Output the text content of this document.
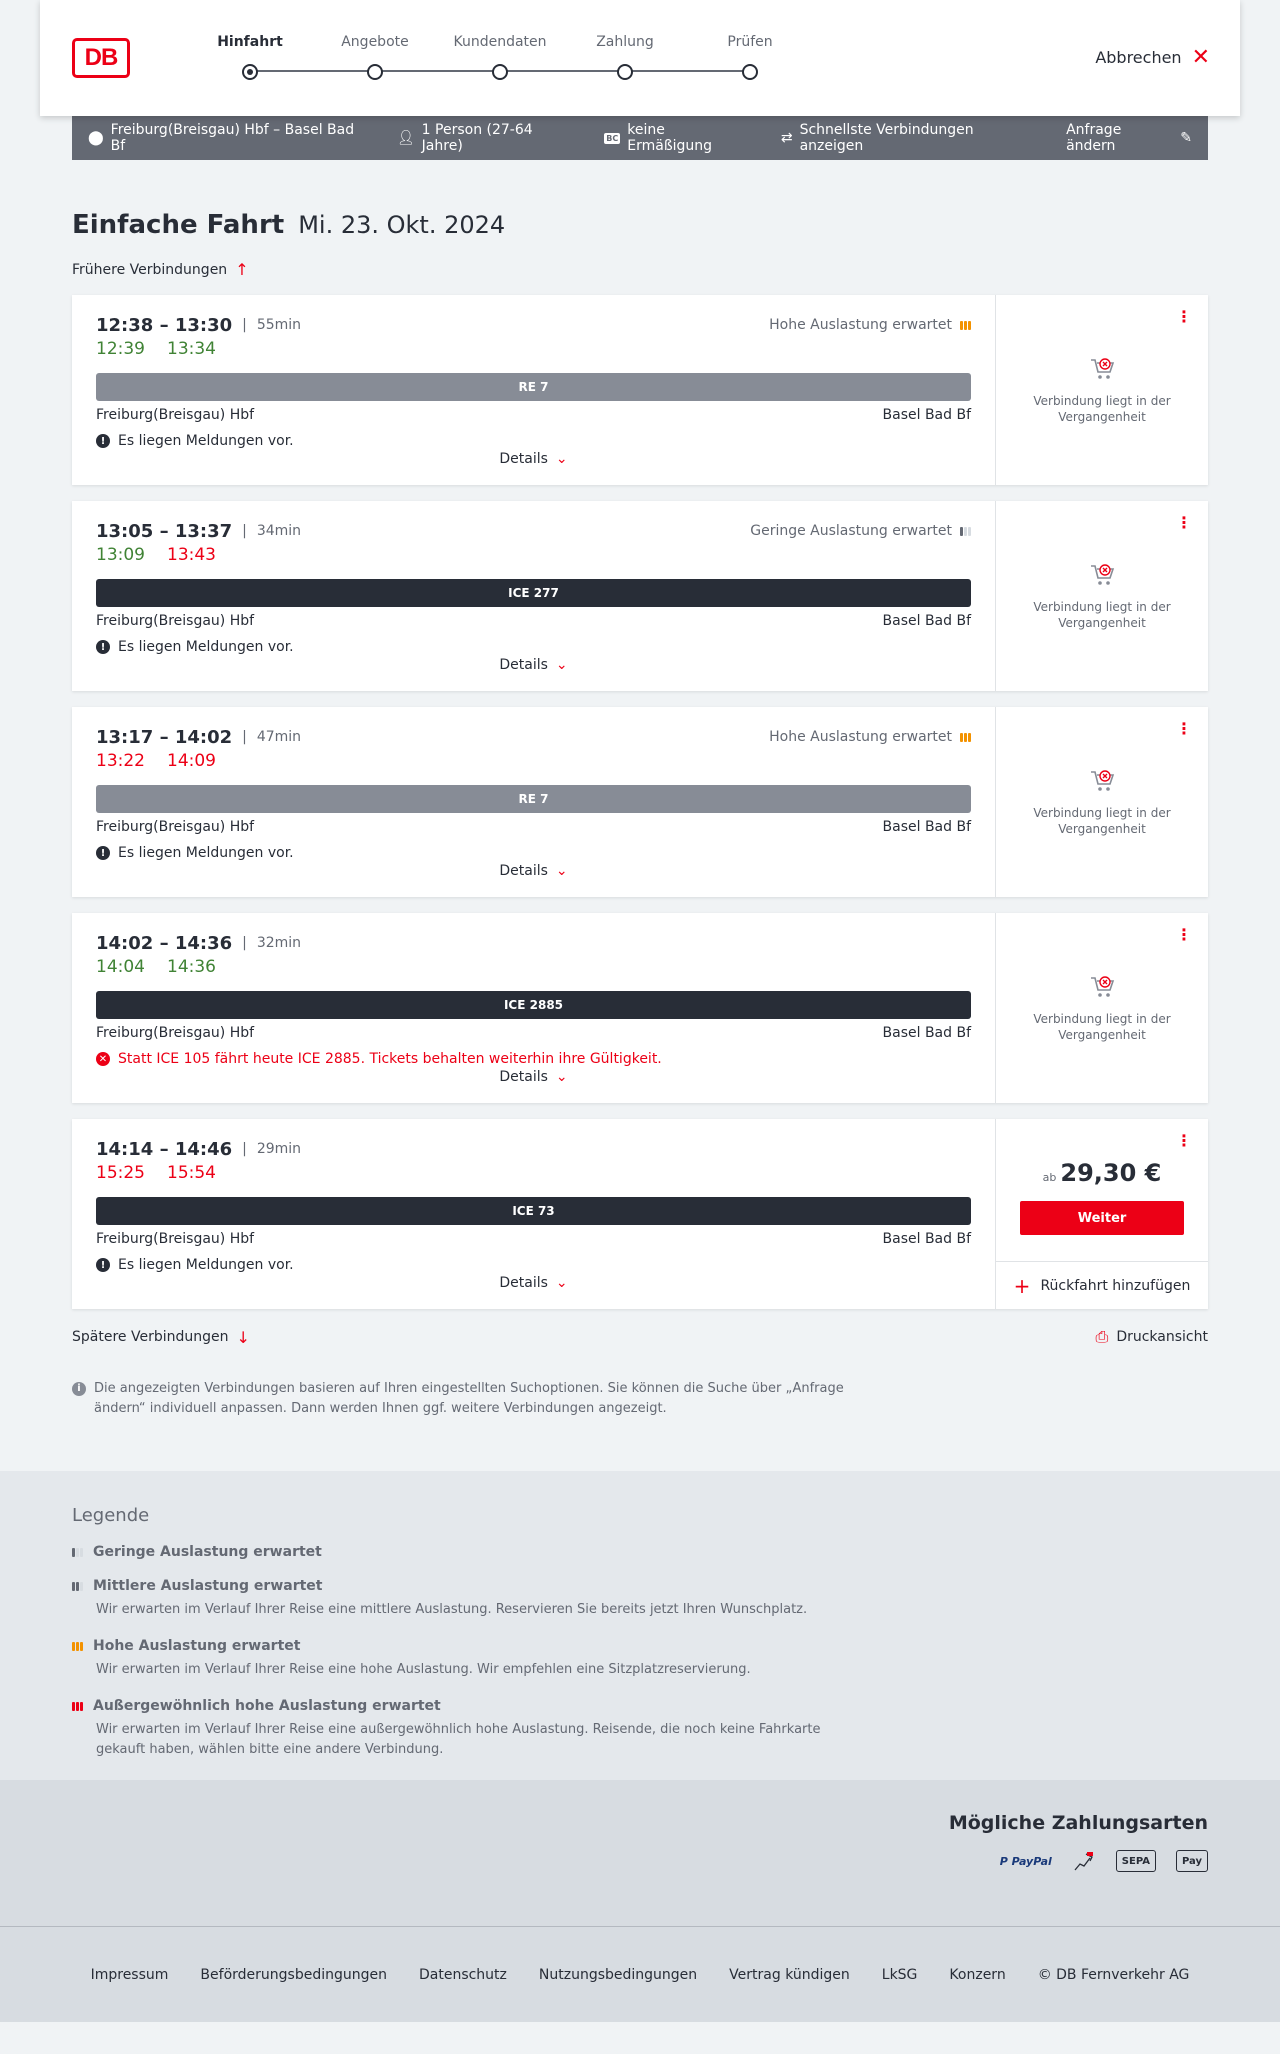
DB
Hinfahrt	Angebote	Kundendaten	Zahlung	Prüfen
Abbrechen ✕
⬤ Freiburg(Breisgau) Hbf – Basel Bad Bf	👤︎ 1 Person (27-64 Jahre)	BC keine Ermäßigung	⇄ Schnellste Verbindungen anzeigen
Anfrage ändern	✎
Einfache Fahrt Mi. 23. Okt. 2024
Frühere Verbindungen ↑
12:38 – 13:30 | 55min	Hohe Auslastung erwartet
12:39 13:34
RE 7
Freiburg(Breisgau) Hbf	Basel Bad Bf
! Es liegen Meldungen vor.
Details ⌄
⋮
Verbindung liegt in der Vergangenheit
13:05 – 13:37 | 34min	Geringe Auslastung erwartet
13:09 13:43
ICE 277
Freiburg(Breisgau) Hbf	Basel Bad Bf
! Es liegen Meldungen vor.
Details ⌄
⋮
Verbindung liegt in der Vergangenheit
13:17 – 14:02 | 47min	Hohe Auslastung erwartet
13:22 14:09
RE 7
Freiburg(Breisgau) Hbf	Basel Bad Bf
! Es liegen Meldungen vor.
Details ⌄
⋮
Verbindung liegt in der Vergangenheit
14:02 – 14:36 | 32min
14:04 14:36
ICE 2885
Freiburg(Breisgau) Hbf	Basel Bad Bf
✕ Statt ICE 105 fährt heute ICE 2885. Tickets behalten weiterhin ihre Gültigkeit.
Details ⌄
⋮
Verbindung liegt in der Vergangenheit
14:14 – 14:46 | 29min
15:25 15:54
ICE 73
Freiburg(Breisgau) Hbf	Basel Bad Bf
! Es liegen Meldungen vor.
Details ⌄
⋮
ab 29,30 €
Weiter
+ Rückfahrt hinzufügen
Spätere Verbindungen ↓	⎙ Druckansicht
i	Die angezeigten Verbindungen basieren auf Ihren eingestellten Suchoptionen. Sie können die Suche über „Anfrage ändern“ individuell anpassen. Dann werden Ihnen ggf. weitere Verbindungen angezeigt.
Legende
Geringe Auslastung erwartet
Mittlere Auslastung erwartet
Wir erwarten im Verlauf Ihrer Reise eine mittlere Auslastung. Reservieren Sie bereits jetzt Ihren Wunschplatz.
Hohe Auslastung erwartet
Wir erwarten im Verlauf Ihrer Reise eine hohe Auslastung. Wir empfehlen eine Sitzplatzreservierung.
Außergewöhnlich hohe Auslastung erwartet
Wir erwarten im Verlauf Ihrer Reise eine außergewöhnlich hohe Auslastung. Reisende, die noch keine Fahrkarte gekauft haben, wählen bitte eine andere Verbindung.
Mögliche Zahlungsarten
P PayPal	SEPA	Pay
Impressum Beförderungsbedingungen Datenschutz Nutzungsbedingungen Vertrag kündigen LkSG Konzern © DB Fernverkehr AG
